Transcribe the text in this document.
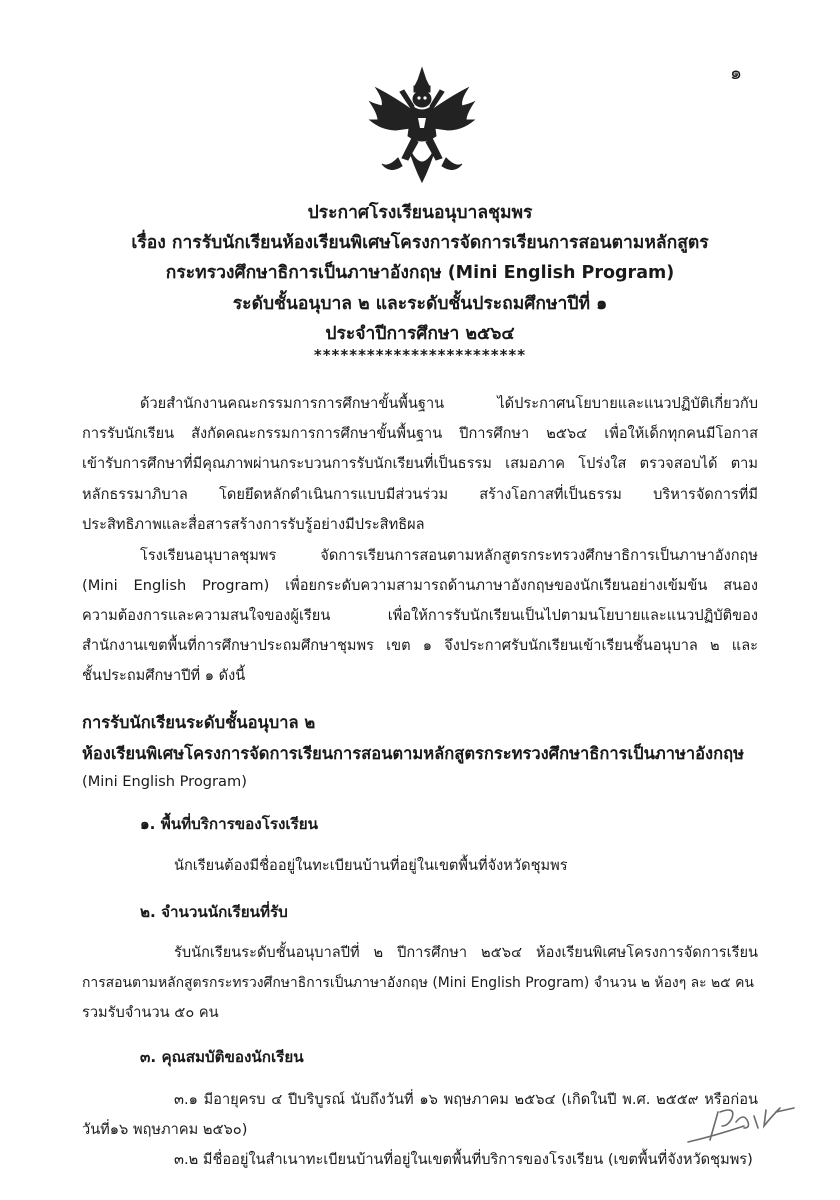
๑

ประกาศโรงเรียนอนุบาลชุมพร

เรื่อง การรับนักเรียนห้องเรียนพิเศษโครงการจัดการเรียนการสอนตามหลักสูตร

กระทรวงศึกษาธิการเป็นภาษาอังกฤษ (Mini English Program)

ระดับชั้นอนุบาล ๒ และระดับชั้นประถมศึกษาปีที่ ๑

ประจำปีการศึกษา ๒๕๖๔

************************

ด้วยสำนักงานคณะกรรมการการศึกษาขั้นพื้นฐาน ได้ประกาศนโยบายและแนวปฏิบัติเกี่ยวกับ

การรับนักเรียน สังกัดคณะกรรมการการศึกษาขั้นพื้นฐาน ปีการศึกษา ๒๕๖๔ เพื่อให้เด็กทุกคนมีโอกาส

เข้ารับการศึกษาที่มีคุณภาพผ่านกระบวนการรับนักเรียนที่เป็นธรรม เสมอภาค โปร่งใส ตรวจสอบได้ ตาม

หลักธรรมาภิบาล โดยยึดหลักดำเนินการแบบมีส่วนร่วม สร้างโอกาสที่เป็นธรรม บริหารจัดการที่มี

ประสิทธิภาพและสื่อสารสร้างการรับรู้อย่างมีประสิทธิผล

โรงเรียนอนุบาลชุมพร จัดการเรียนการสอนตามหลักสูตรกระทรวงศึกษาธิการเป็นภาษาอังกฤษ

(Mini English Program) เพื่อยกระดับความสามารถด้านภาษาอังกฤษของนักเรียนอย่างเข้มข้น สนอง

ความต้องการและความสนใจของผู้เรียน เพื่อให้การรับนักเรียนเป็นไปตามนโยบายและแนวปฏิบัติของ

สำนักงานเขตพื้นที่การศึกษาประถมศึกษาชุมพร เขต ๑ จึงประกาศรับนักเรียนเข้าเรียนชั้นอนุบาล ๒ และ

ชั้นประถมศึกษาปีที่ ๑ ดังนี้

การรับนักเรียนระดับชั้นอนุบาล ๒

ห้องเรียนพิเศษโครงการจัดการเรียนการสอนตามหลักสูตรกระทรวงศึกษาธิการเป็นภาษาอังกฤษ

(Mini English Program)

๑. พื้นที่บริการของโรงเรียน

นักเรียนต้องมีชื่ออยู่ในทะเบียนบ้านที่อยู่ในเขตพื้นที่จังหวัดชุมพร

๒. จำนวนนักเรียนที่รับ

รับนักเรียนระดับชั้นอนุบาลปีที่ ๒ ปีการศึกษา ๒๕๖๔ ห้องเรียนพิเศษโครงการจัดการเรียน

การสอนตามหลักสูตรกระทรวงศึกษาธิการเป็นภาษาอังกฤษ (Mini English Program) จำนวน ๒ ห้องๆ ละ ๒๕ คน

รวมรับจำนวน ๕๐ คน

๓. คุณสมบัติของนักเรียน

๓.๑ มีอายุครบ ๔ ปีบริบูรณ์ นับถึงวันที่ ๑๖ พฤษภาคม ๒๕๖๔ (เกิดในปี พ.ศ. ๒๕๕๙ หรือก่อน

วันที่๑๖ พฤษภาคม ๒๕๖๐)

๓.๒ มีชื่ออยู่ในสำเนาทะเบียนบ้านที่อยู่ในเขตพื้นที่บริการของโรงเรียน (เขตพื้นที่จังหวัดชุมพร)
